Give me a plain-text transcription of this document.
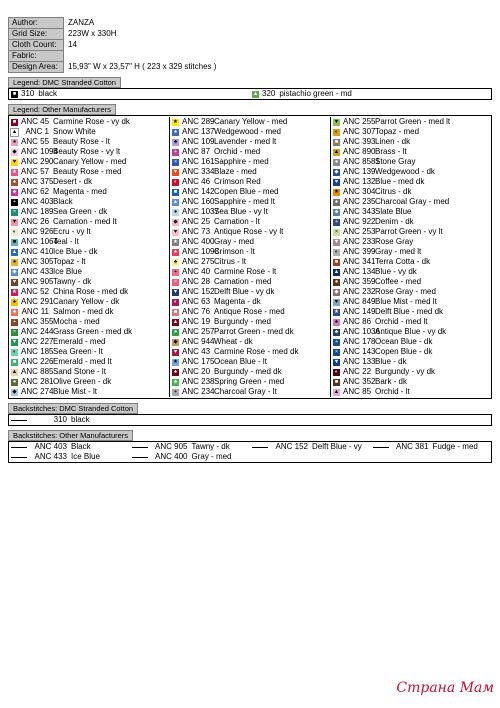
Author:	ZANZA
Grid Size:	223W x 330H
Cloth Count:	14
Fabric:	
Design Area:	15,93" W x 23,57" H ( 223 x 329 stitches )
Legend: DMC Stranded Cotton
■ 310 black	▲ 320 pistachio green - md
Legend: Other Manufacturers
■ ANC 45 Carmine Rose - vy dk
▲	ANC 1 Snow White
● ANC 55 Beauty Rose - lt
◆ ANC 1094
Beauty Rose - vy lt
♥ ANC 290 Canary Yellow - med
★ ANC 57 Beauty Rose - med
♠ ANC 375 Desert - dk
♣ ANC 62 Magenta - med
+ ANC 403 Black
× ANC 189 Sea Green - dk
▼ ANC 26 Carnation - med lt
◐ ANC 926 Ecru - vy lt
■ ANC 1064
Teal - lt
▲ ANC 410 Ice Blue - dk
● ANC 305 Topaz - lt
◆ ANC 433 Ice Blue
♥ ANC 905 Tawny - dk
★ ANC 52 China Rose - med dk
♠ ANC 291 Canary Yellow - dk
♣ ANC 11 Salmon - med dk
+ ANC 355 Mocha - med
× ANC 244 Grass Green - med dk
▼ ANC 227 Emerald - med
◐ ANC 185 Sea Green - lt
■ ANC 226 Emerald - med lt
▲ ANC 885 Sand Stone - lt
● ANC 281 Olive Green - dk
◆ ANC 274 Blue Mist - lt
★ ANC 289 Canary Yellow - med
♠ ANC 137 Wedgewood - med
♣ ANC 109 Lavender - med lt
+ ANC 87 Orchid - med
× ANC 161 Sapphire - med
▼ ANC 334 Blaze - med
◐ ANC 46 Crimson Red
■ ANC 142 Copen Blue - med
▲ ANC 160 Sapphire - med lt
● ANC 1037
Sea Blue - vy lt
◆ ANC 25 Carnation - lt
♥ ANC 73 Antique Rose - vy lt
★ ANC 400 Gray - med
♠ ANC 1098
Crimson - lt
♣ ANC 275 Citrus - lt
+ ANC 40 Carmine Rose - lt
× ANC 28 Carnation - med
▼ ANC 152 Delft Blue - vy dk
◐ ANC 63 Magenta - dk
■ ANC 76 Antique Rose - med
▲ ANC 19 Burgundy - med
● ANC 257 Parrot Green - med dk
◆ ANC 944 Wheat - dk
♥ ANC 43 Carmine Rose - med dk
★ ANC 175 Ocean Blue - lt
♠ ANC 20 Burgundy - med dk
♣ ANC 238 Spring Green - med
+ ANC 234 Charcoal Gray - lt
▼ ANC 255 Parrot Green - med lt
◐ ANC 307 Topaz - med
■ ANC 393 Linen - dk
▲ ANC 890 Brass - lt
● ANC 8581
Stone Gray
◆ ANC 139 Wedgewood - dk
♥ ANC 132 Blue - med dk
★ ANC 304 Citrus - dk
♠ ANC 235 Charcoal Gray - med
♣ ANC 343 Slate Blue
+ ANC 922 Denim - dk
× ANC 253 Parrot Green - vy lt
▼ ANC 233 Rose Gray
◐ ANC 399 Gray - med lt
■ ANC 341 Terra Cotta - dk
▲ ANC 134 Blue - vy dk
● ANC 359 Coffee - med
◆ ANC 232 Rose Gray - med
♥ ANC 849 Blue Mist - med lt
★ ANC 149 Delft Blue - med dk
♠ ANC 86 Orchid - med lt
♣ ANC 1036
Antique Blue - vy dk
+ ANC 178 Ocean Blue - dk
× ANC 143 Copen Blue - dk
▼ ANC 133 Blue - dk
◐ ANC 22 Burgundy - vy dk
■ ANC 352 Bark - dk
▲ ANC 85 Orchid - lt
Backstitches: DMC Stranded Cotton
310 black
Backstitches: Other Manufacturers
ANC 403 Black	ANC 905 Tawny - dk	ANC 152 Delft Blue - vy	ANC 381 Fudge - med
ANC 433 Ice Blue	ANC 400 Gray - med
Страна Мам
